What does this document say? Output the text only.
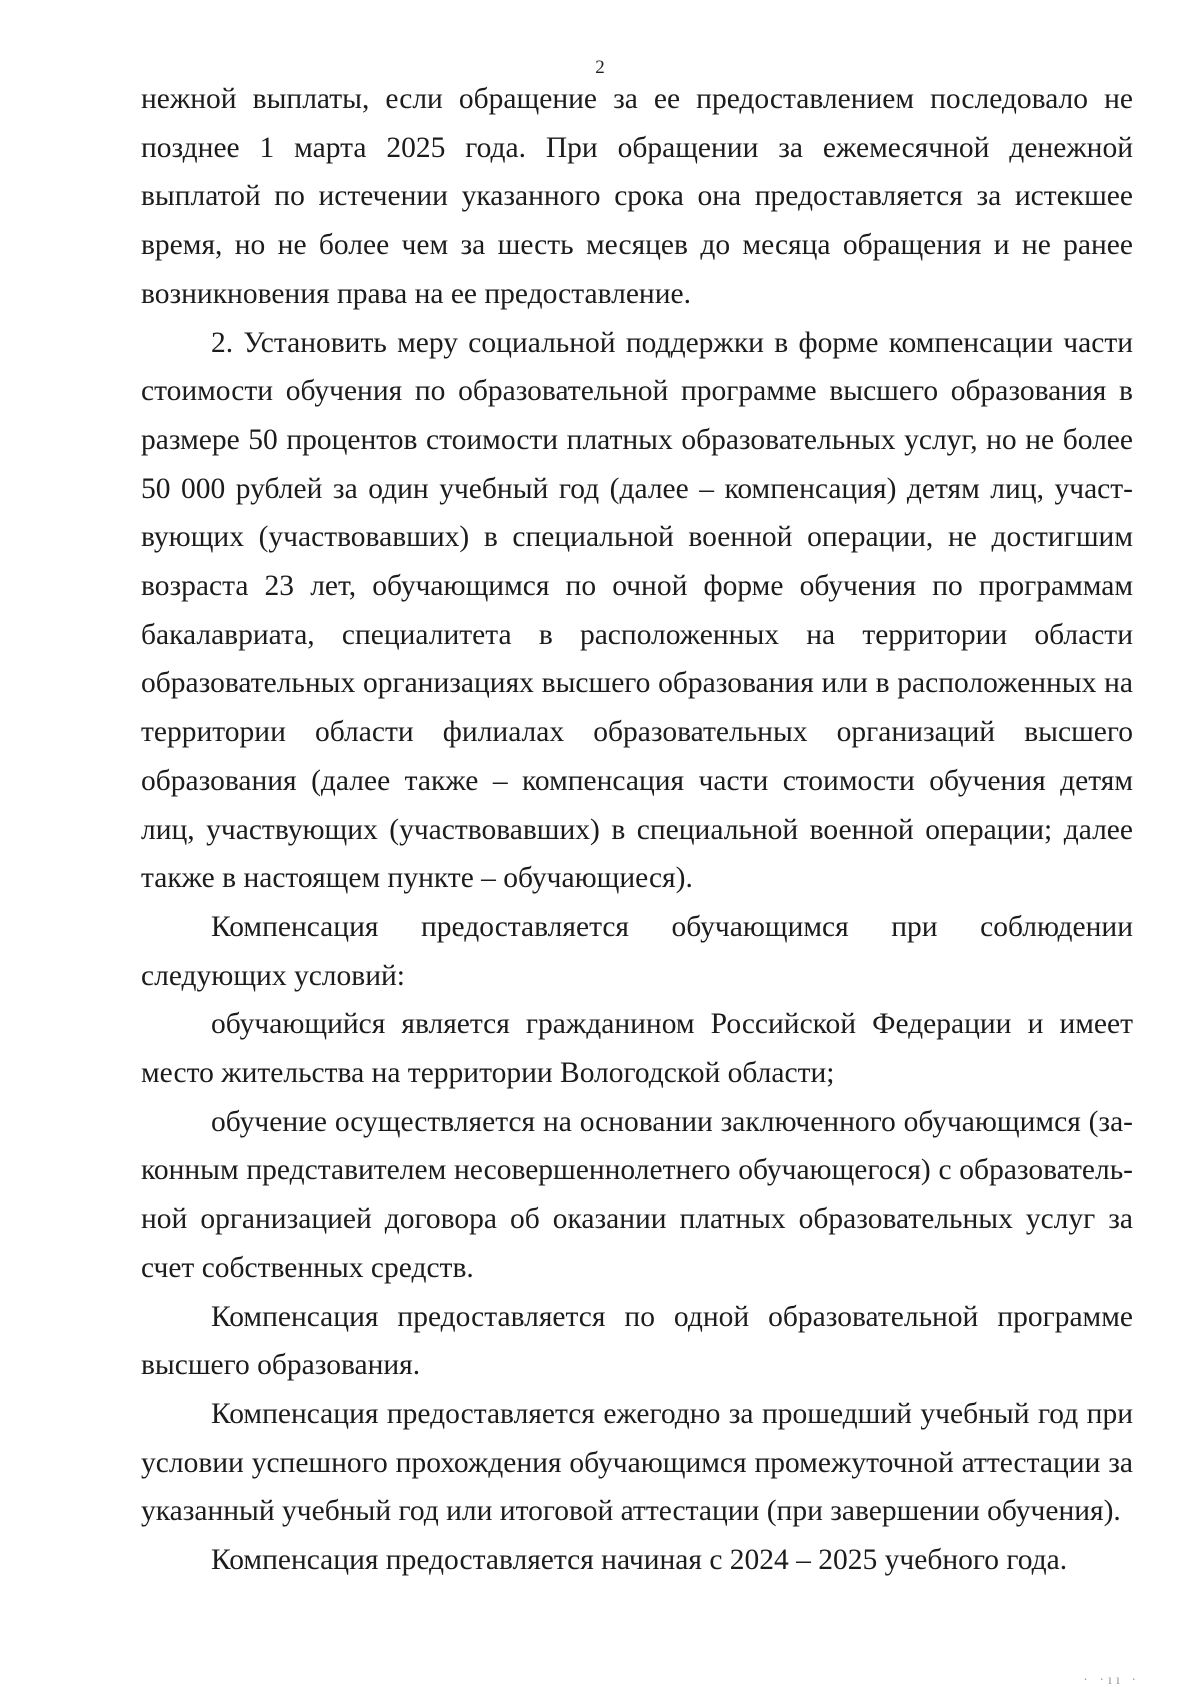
2

нежной выплаты, если обращение за ее предоставлением последовало не позднее 1 марта 2025 года. При обращении за ежемесячной денежной выплатой по истечении указанного срока она предоставляется за истекшее время, но не более чем за шесть месяцев до месяца обращения и не ранее возникновения права на ее предоставление.

2. Установить меру социальной поддержки в форме компенсации части стоимости обучения по образовательной программе высшего образования в размере 50 процентов стоимости платных образовательных услуг, но не более 50 000 рублей за один учебный год (далее – компенсация) детям лиц, участвующих (участвовавших) в специальной военной операции, не достигшим возраста 23 лет, обучающимся по очной форме обучения по программам бакалавриата, специалитета в расположенных на территории области образовательных организациях высшего образования или в расположенных на территории области филиалах образовательных организаций высшего образования (далее также – компенсация части стоимости обучения детям лиц, участвующих (участвовавших) в специальной военной операции; далее также в настоящем пункте – обучающиеся).

Компенсация предоставляется обучающимся при соблюдении следующих условий:

обучающийся является гражданином Российской Федерации и имеет место жительства на территории Вологодской области;

обучение осуществляется на основании заключенного обучающимся (законным представителем несовершеннолетнего обучающегося) с образовательной организацией договора об оказании платных образовательных услуг за счет собственных средств.

Компенсация предоставляется по одной образовательной программе высшего образования.

Компенсация предоставляется ежегодно за прошедший учебный год при условии успешного прохождения обучающимся промежуточной аттестации за указанный учебный год или итоговой аттестации (при завершении обучения).

Компенсация предоставляется начиная с 2024 – 2025 учебного года.

· ·ıı ·
